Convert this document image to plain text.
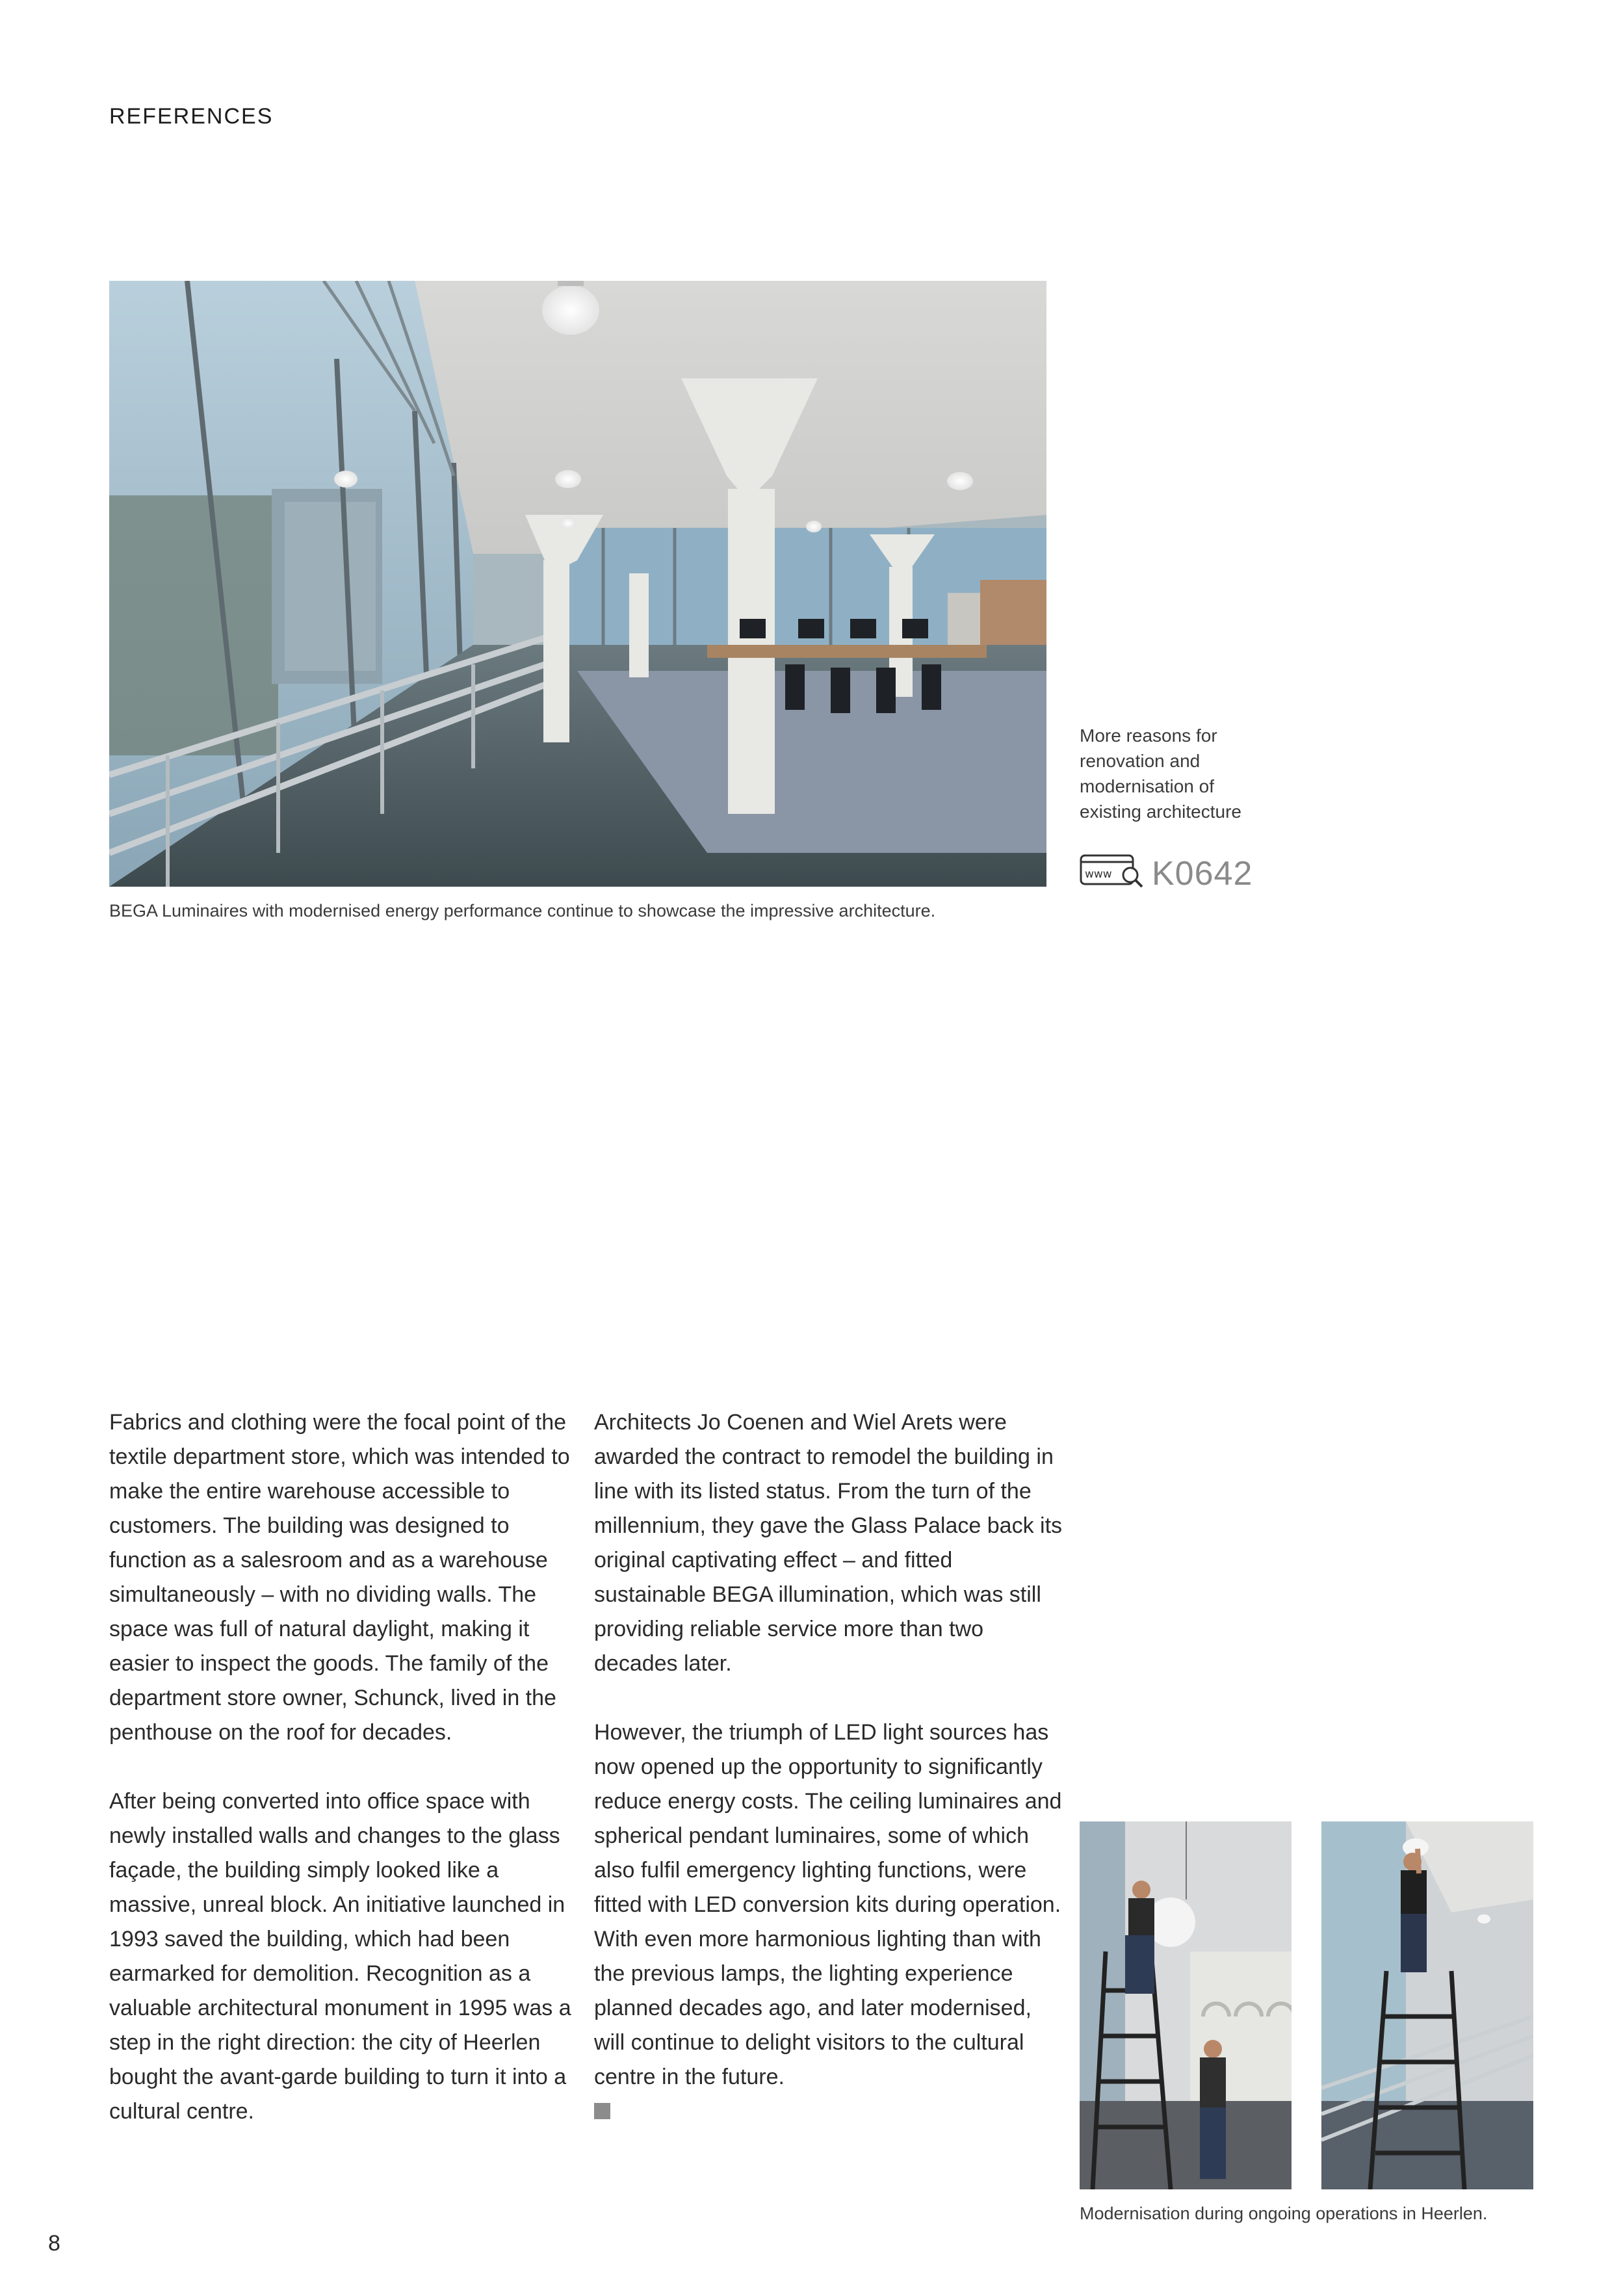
REFERENCES
BEGA Luminaires with modernised energy performance continue to showcase the impressive architecture.
More reasons for renovation and modernisation of existing architecture
www K0642

Fabrics and clothing were the focal point of the textile department store, which was intended to make the entire warehouse accessible to customers. The building was designed to function as a salesroom and as a warehouse simultaneously – with no dividing walls. The space was full of natural daylight, making it easier to inspect the goods. The family of the department store owner, Schunck, lived in the penthouse on the roof for decades.

After being converted into office space with newly installed walls and changes to the glass façade, the building simply looked like a massive, unreal block. An initiative launched in 1993 saved the building, which had been earmarked for demolition. Recognition as a valuable architectural monument in 1995 was a step in the right direction: the city of Heerlen bought the avant-garde building to turn it into a cultural centre.

Architects Jo Coenen and Wiel Arets were awarded the contract to remodel the building in line with its listed status. From the turn of the millennium, they gave the Glass Palace back its original captivating effect – and fitted sustainable BEGA illumination, which was still providing reliable service more than two decades later.

However, the triumph of LED light sources has now opened up the opportunity to significantly reduce energy costs. The ceiling luminaires and spherical pendant luminaires, some of which also fulfil emergency lighting functions, were fitted with LED conversion kits during operation. With even more harmonious lighting than with the previous lamps, the lighting experience planned decades ago, and later modernised, will continue to delight visitors to the cultural centre in the future.

Modernisation during ongoing operations in Heerlen.
8
